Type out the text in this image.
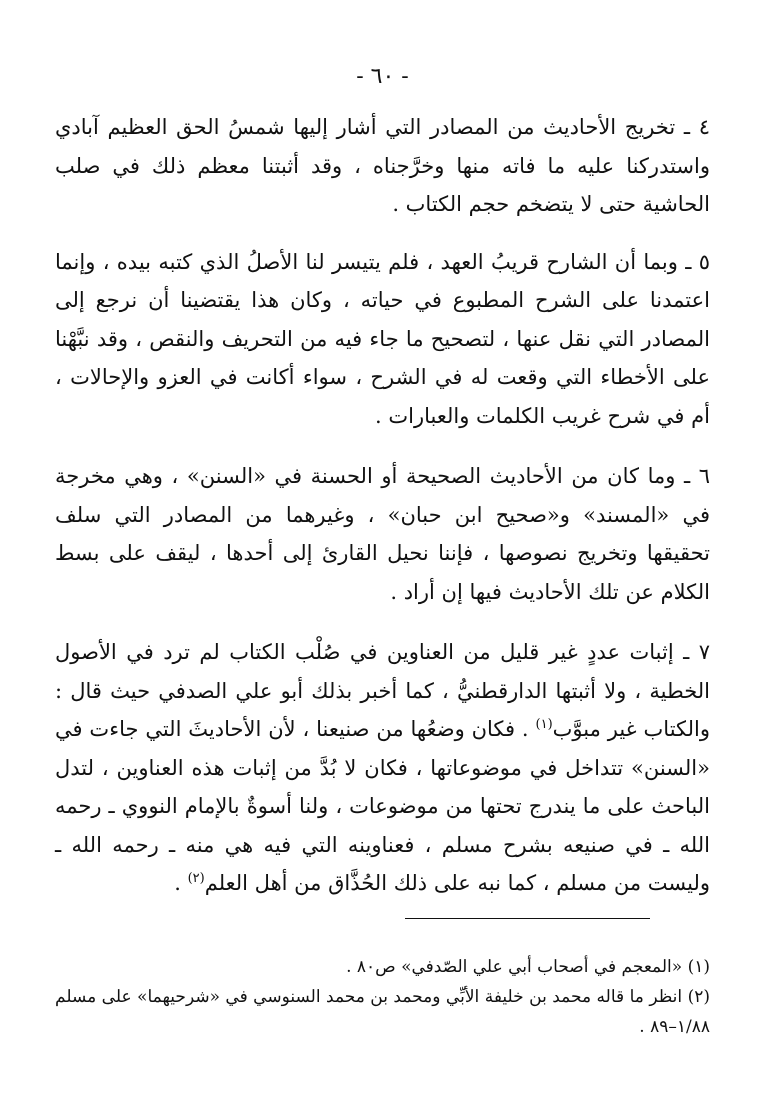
- ٦٠ -

٤ ـ تخريج الأحاديث من المصادر التي أشار إليها شمسُ الحق العظيم آبادي واستدركنا عليه ما فاته منها وخرَّجناه ، وقد أثبتنا معظم ذلك في صلب الحاشية حتى لا يتضخم حجم الكتاب .

٥ ـ وبما أن الشارح قريبُ العهد ، فلم يتيسر لنا الأصلُ الذي كتبه بيده ، وإنما اعتمدنا على الشرح المطبوع في حياته ، وكان هذا يقتضينا أن نرجع إلى المصادر التي نقل عنها ، لتصحيح ما جاء فيه من التحريف والنقص ، وقد نبَّهْنا على الأخطاء التي وقعت له في الشرح ، سواء أكانت في العزو والإحالات ، أم في شرح غريب الكلمات والعبارات .

٦ ـ وما كان من الأحاديث الصحيحة أو الحسنة في «السنن» ، وهي مخرجة في «المسند» و«صحيح ابن حبان» ، وغيرهما من المصادر التي سلف تحقيقها وتخريج نصوصها ، فإننا نحيل القارئ إلى أحدها ، ليقف على بسط الكلام عن تلك الأحاديث فيها إن أراد .

٧ ـ إثبات عددٍ غير قليل من العناوين في صُلْب الكتاب لم ترد في الأصول الخطية ، ولا أثبتها الدارقطنيُّ ، كما أخبر بذلك أبو علي الصدفي حيث قال : والكتاب غير مبوَّب$^{(١)}$ . فكان وضعُها من صنيعنا ، لأن الأحاديثَ التي جاءت في «السنن» تتداخل في موضوعاتها ، فكان لا بُدَّ من إثبات هذه العناوين ، لتدل الباحث على ما يندرج تحتها من موضوعات ، ولنا أسوةٌ بالإمام النووي ـ رحمه الله ـ في صنيعه بشرح مسلم ، فعناوينه التي فيه هي منه ـ رحمه الله ـ وليست من مسلم ، كما نبه على ذلك الحُذَّاق من أهل العلم$^{(٢)}$ .

(١) «المعجم في أصحاب أبي علي الصّدفي» ص٨٠ .

(٢) انظر ما قاله محمد بن خليفة الأبِّي ومحمد بن محمد السنوسي في «شرحيهما» على مسلم ١/٨٨–٨٩ .
